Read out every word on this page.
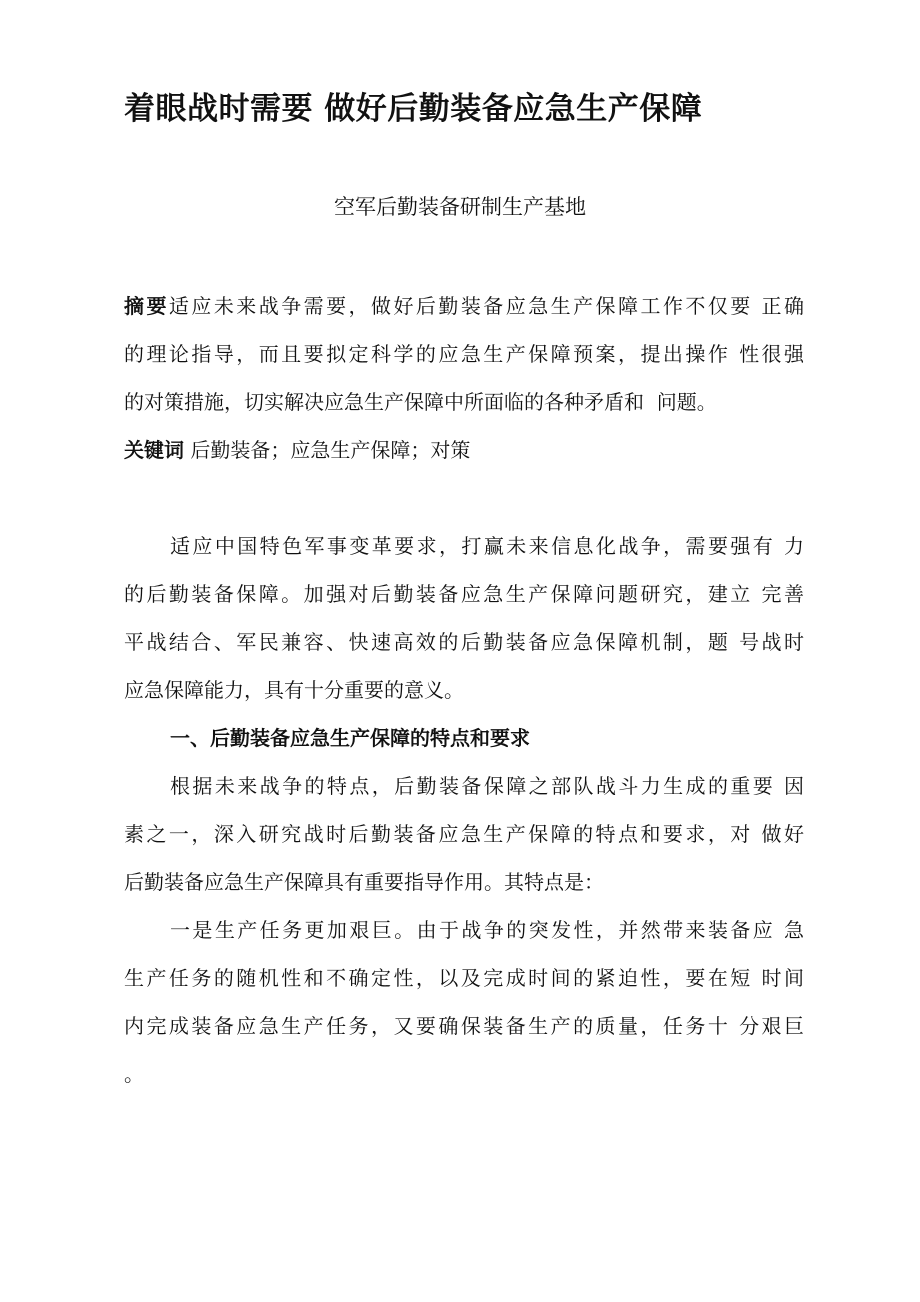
着眼战时需要 做好后勤装备应急生产保障
空军后勤装备研制生产基地
摘要适应未来战争需要，做好后勤装备应急生产保障工作不仅要 正确
的理论指导，而且要拟定科学的应急生产保障预案，提出操作 性很强
的对策措施，切实解决应急生产保障中所面临的各种矛盾和  问题。
关键词 后勤装备；应急生产保障；对策
适应中国特色军事变革要求，打赢未来信息化战争，需要强有 力
的后勤装备保障。加强对后勤装备应急生产保障问题研究，建立 完善
平战结合、军民兼容、快速高效的后勤装备应急保障机制，题 号战时
应急保障能力，具有十分重要的意义。
一、后勤装备应急生产保障的特点和要求
根据未来战争的特点，后勤装备保障之部队战斗力生成的重要 因
素之一，深入研究战时后勤装备应急生产保障的特点和要求，对 做好
后勤装备应急生产保障具有重要指导作用。其特点是：
一是生产任务更加艰巨。由于战争的突发性，并然带来装备应 急
生产任务的随机性和不确定性，以及完成时间的紧迫性，要在短 时间
内完成装备应急生产任务，又要确保装备生产的质量，任务十 分艰巨
。
